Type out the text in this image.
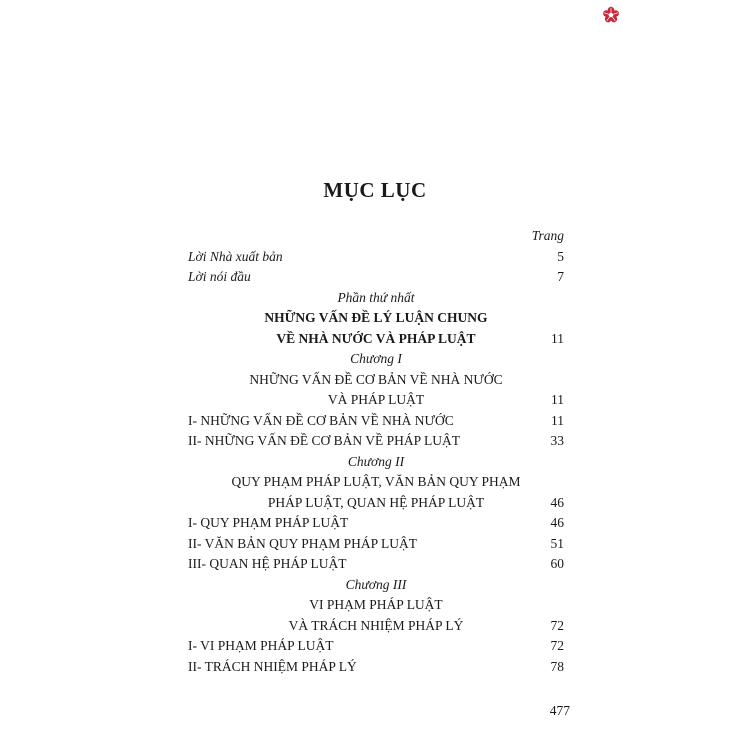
MỤC LỤC
Trang
Lời Nhà xuất bản	5
Lời nói đầu	7
Phần thứ nhất
NHỮNG VẤN ĐỀ LÝ LUẬN CHUNG
VỀ NHÀ NƯỚC VÀ PHÁP LUẬT	11
Chương I
NHỮNG VẤN ĐỀ CƠ BẢN VỀ NHÀ NƯỚC
VÀ PHÁP LUẬT	11
I- NHỮNG VẤN ĐỀ CƠ BẢN VỀ NHÀ NƯỚC	11
II- NHỮNG VẤN ĐỀ CƠ BẢN VỀ PHÁP LUẬT	33
Chương II
QUY PHẠM PHÁP LUẬT, VĂN BẢN QUY PHẠM
PHÁP LUẬT, QUAN HỆ PHÁP LUẬT	46
I- QUY PHẠM PHÁP LUẬT	46
II- VĂN BẢN QUY PHẠM PHÁP LUẬT	51
III- QUAN HỆ PHÁP LUẬT	60
Chương III
VI PHẠM PHÁP LUẬT
VÀ TRÁCH NHIỆM PHÁP LÝ	72
I- VI PHẠM PHÁP LUẬT	72
II- TRÁCH NHIỆM PHÁP LÝ	78
477
